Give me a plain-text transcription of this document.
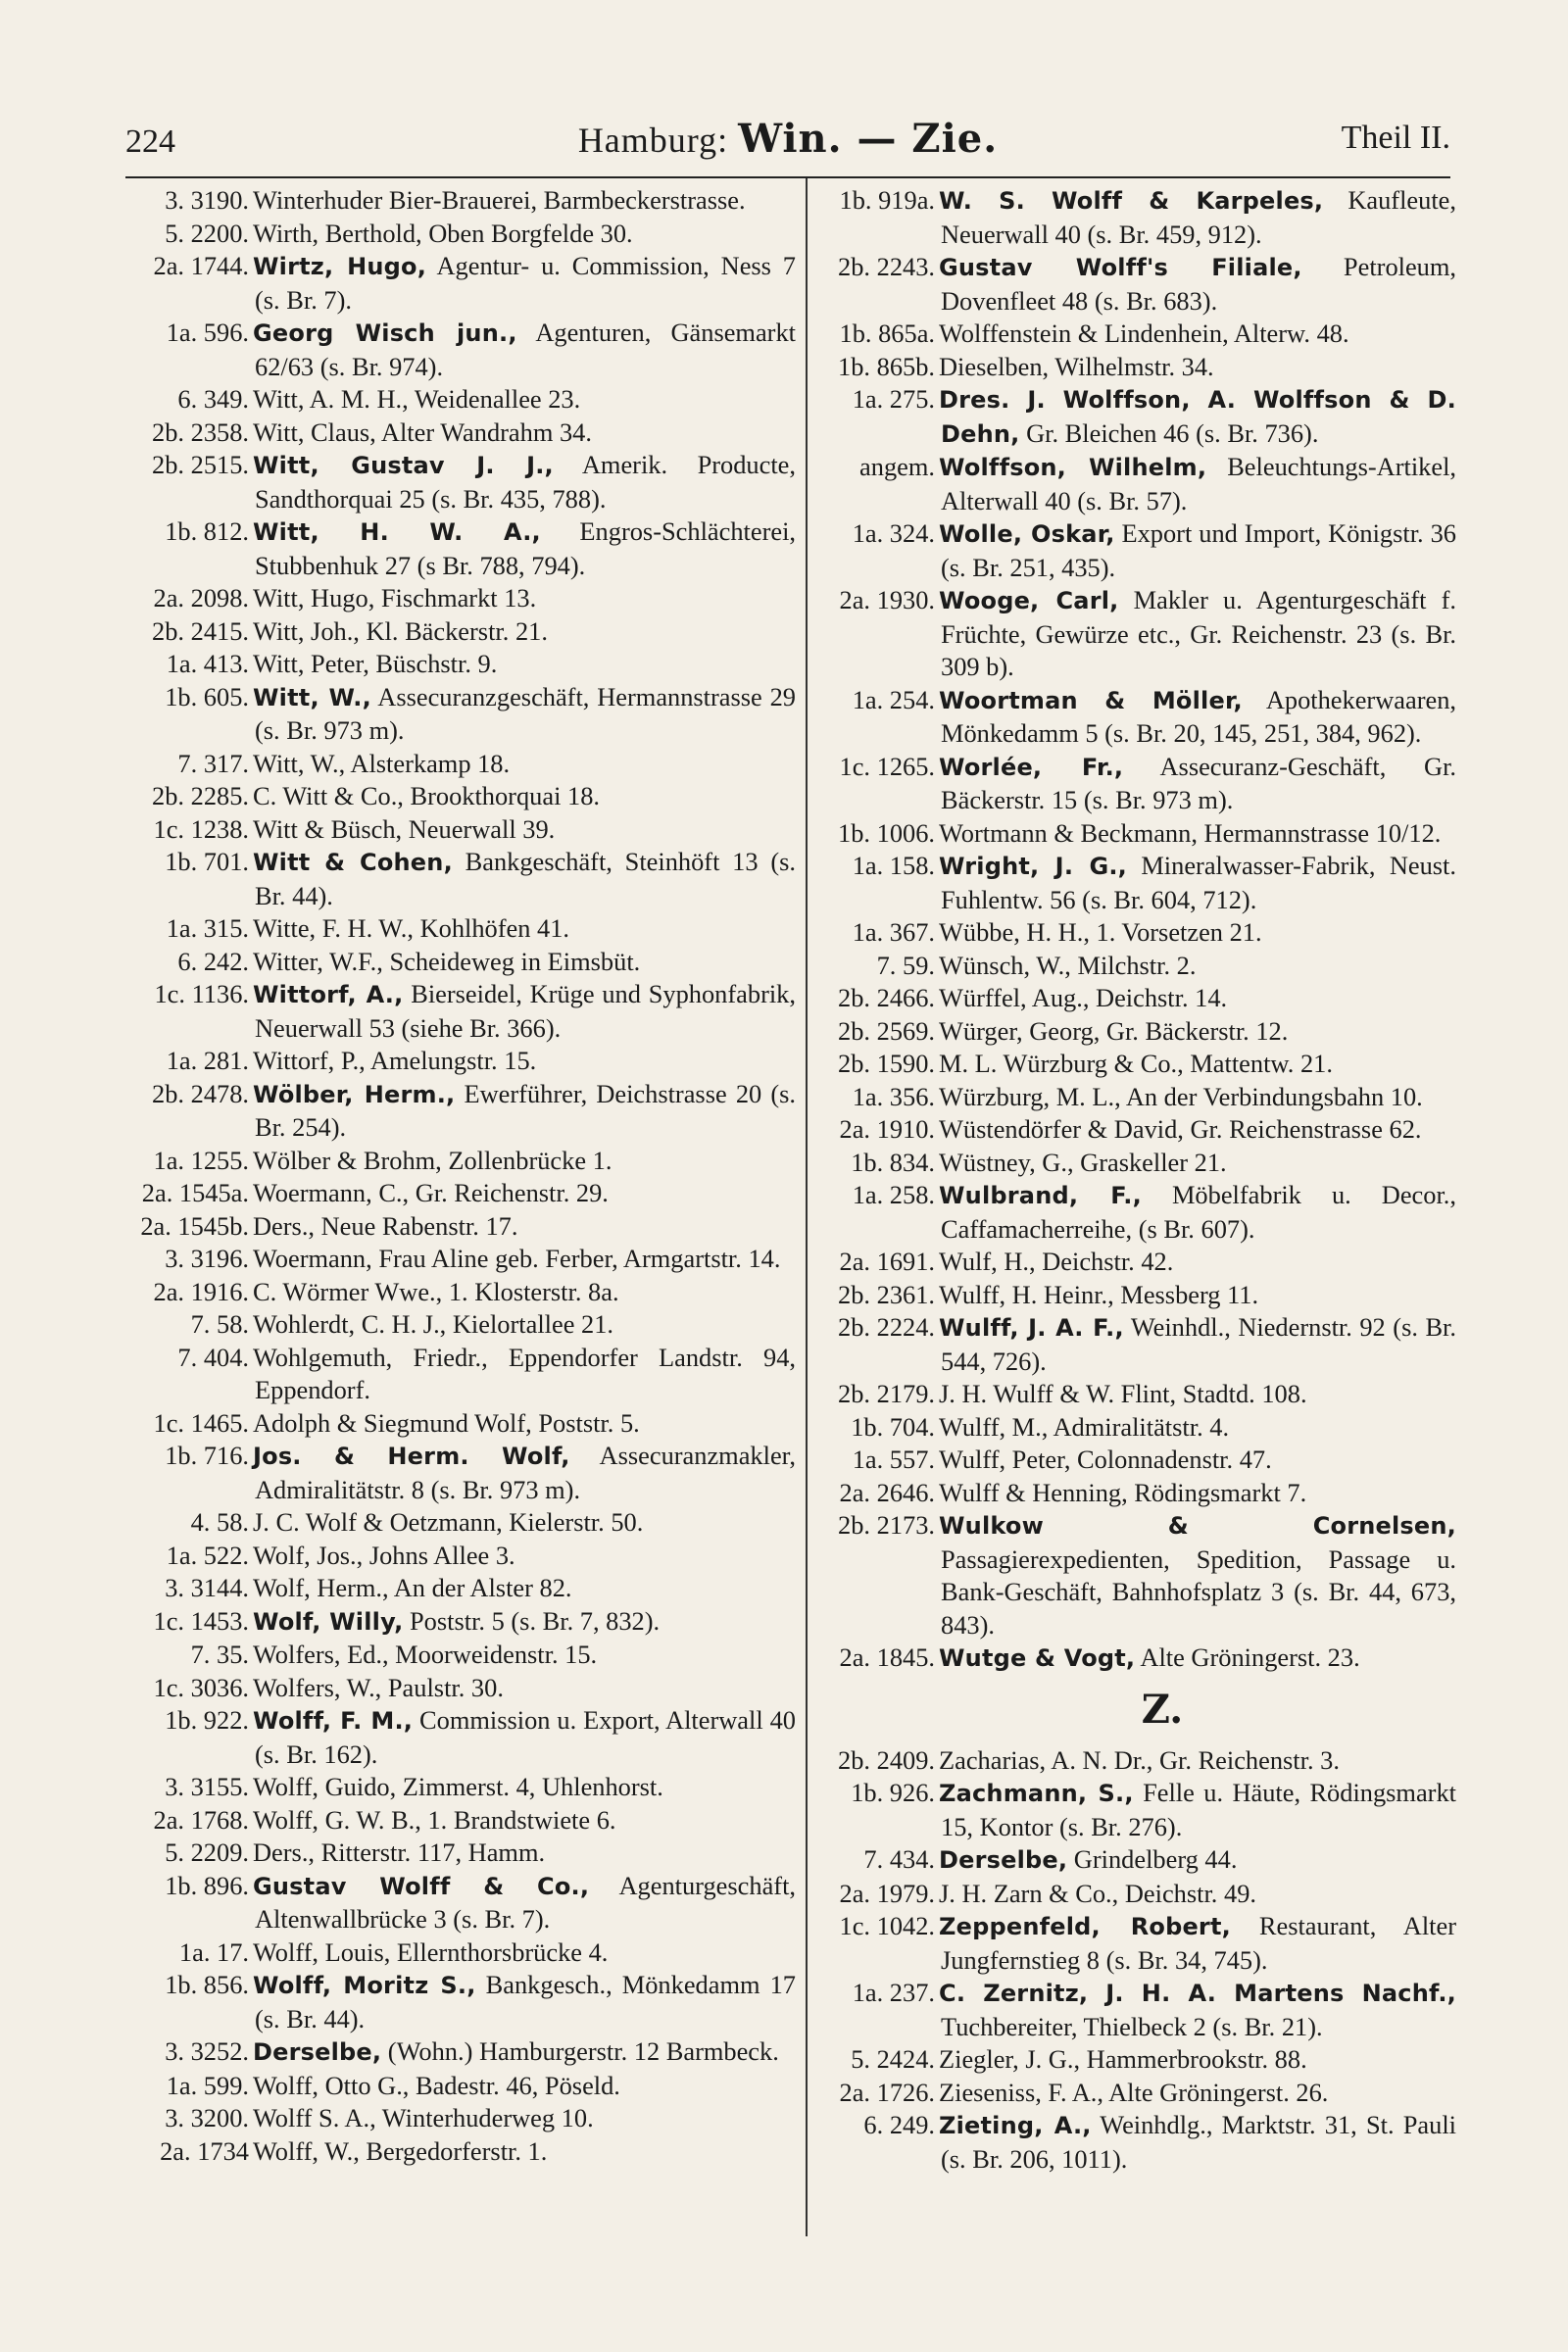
224	Hamburg: Win. — Zie.	Theil II.

3. 3190. Winterhuder Bier-Brauerei, Barmbeckerstrasse.

5. 2200. Wirth, Berthold, Oben Borgfelde 30.

2a. 1744. Wirtz, Hugo, Agentur- u. Commission, Ness 7 (s. Br. 7).

1a. 596. Georg Wisch jun., Agenturen, Gänsemarkt 62/63 (s. Br. 974).

6. 349. Witt, A. M. H., Weidenallee 23.

2b. 2358. Witt, Claus, Alter Wandrahm 34.

2b. 2515. Witt, Gustav J. J., Amerik. Producte, Sandthorquai 25 (s. Br. 435, 788).

1b. 812. Witt, H. W. A., Engros-Schlächterei, Stubbenhuk 27 (s Br. 788, 794).

2a. 2098. Witt, Hugo, Fischmarkt 13.

2b. 2415. Witt, Joh., Kl. Bäckerstr. 21.

1a. 413. Witt, Peter, Büschstr. 9.

1b. 605. Witt, W., Assecuranzgeschäft, Hermannstrasse 29 (s. Br. 973 m).

7. 317. Witt, W., Alsterkamp 18.

2b. 2285. C. Witt & Co., Brookthorquai 18.

1c. 1238. Witt & Büsch, Neuerwall 39.

1b. 701. Witt & Cohen, Bankgeschäft, Steinhöft 13 (s. Br. 44).

1a. 315. Witte, F. H. W., Kohlhöfen 41.

6. 242. Witter, W.F., Scheideweg in Eimsbüt.

1c. 1136. Wittorf, A., Bierseidel, Krüge und Syphonfabrik, Neuerwall 53 (siehe Br. 366).

1a. 281. Wittorf, P., Amelungstr. 15.

2b. 2478. Wölber, Herm., Ewerführer, Deichstrasse 20 (s. Br. 254).

1a. 1255. Wölber & Brohm, Zollenbrücke 1.

2a. 1545a. Woermann, C., Gr. Reichenstr. 29.

2a. 1545b. Ders., Neue Rabenstr. 17.

3. 3196. Woermann, Frau Aline geb. Ferber, Armgartstr. 14.

2a. 1916. C. Wörmer Wwe., 1. Klosterstr. 8a.

7. 58. Wohlerdt, C. H. J., Kielortallee 21.

7. 404. Wohlgemuth, Friedr., Eppendorfer Landstr. 94, Eppendorf.

1c. 1465. Adolph & Siegmund Wolf, Poststr. 5.

1b. 716. Jos. & Herm. Wolf, Assecuranzmakler, Admiralitätstr. 8 (s. Br. 973 m).

4. 58. J. C. Wolf & Oetzmann, Kielerstr. 50.

1a. 522. Wolf, Jos., Johns Allee 3.

3. 3144. Wolf, Herm., An der Alster 82.

1c. 1453. Wolf, Willy, Poststr. 5 (s. Br. 7, 832).

7. 35. Wolfers, Ed., Moorweidenstr. 15.

1c. 3036. Wolfers, W., Paulstr. 30.

1b. 922. Wolff, F. M., Commission u. Export, Alterwall 40 (s. Br. 162).

3. 3155. Wolff, Guido, Zimmerst. 4, Uhlenhorst.

2a. 1768. Wolff, G. W. B., 1. Brandstwiete 6.

5. 2209. Ders., Ritterstr. 117, Hamm.

1b. 896. Gustav Wolff & Co., Agenturgeschäft, Altenwallbrücke 3 (s. Br. 7).

1a. 17. Wolff, Louis, Ellernthorsbrücke 4.

1b. 856. Wolff, Moritz S., Bankgesch., Mönkedamm 17 (s. Br. 44).

3. 3252. Derselbe, (Wohn.) Hamburgerstr. 12 Barmbeck.

1a. 599. Wolff, Otto G., Badestr. 46, Pöseld.

3. 3200. Wolff S. A., Winterhuderweg 10.

2a. 1734 Wolff, W., Bergedorferstr. 1.

1b. 919a. W. S. Wolff & Karpeles, Kaufleute, Neuerwall 40 (s. Br. 459, 912).

2b. 2243. Gustav Wolff's Filiale, Petroleum, Dovenfleet 48 (s. Br. 683).

1b. 865a. Wolffenstein & Lindenhein, Alterw. 48.

1b. 865b. Dieselben, Wilhelmstr. 34.

1a. 275. Dres. J. Wolffson, A. Wolffson & D. Dehn, Gr. Bleichen 46 (s. Br. 736).

angem. Wolffson, Wilhelm, Beleuchtungs-Artikel, Alterwall 40 (s. Br. 57).

1a. 324. Wolle, Oskar, Export und Import, Königstr. 36 (s. Br. 251, 435).

2a. 1930. Wooge, Carl, Makler u. Agenturgeschäft f. Früchte, Gewürze etc., Gr. Reichenstr. 23 (s. Br. 309 b).

1a. 254. Woortman & Möller, Apothekerwaaren, Mönkedamm 5 (s. Br. 20, 145, 251, 384, 962).

1c. 1265. Worlée, Fr., Assecuranz-Geschäft, Gr. Bäckerstr. 15 (s. Br. 973 m).

1b. 1006. Wortmann & Beckmann, Hermannstrasse 10/12.

1a. 158. Wright, J. G., Mineralwasser-Fabrik, Neust. Fuhlentw. 56 (s. Br. 604, 712).

1a. 367. Wübbe, H. H., 1. Vorsetzen 21.

7. 59. Wünsch, W., Milchstr. 2.

2b. 2466. Würffel, Aug., Deichstr. 14.

2b. 2569. Würger, Georg, Gr. Bäckerstr. 12.

2b. 1590. M. L. Würzburg & Co., Mattentw. 21.

1a. 356. Würzburg, M. L., An der Verbindungsbahn 10.

2a. 1910. Wüstendörfer & David, Gr. Reichenstrasse 62.

1b. 834. Wüstney, G., Graskeller 21.

1a. 258. Wulbrand, F., Möbelfabrik u. Decor., Caffamacherreihe, (s Br. 607).

2a. 1691. Wulf, H., Deichstr. 42.

2b. 2361. Wulff, H. Heinr., Messberg 11.

2b. 2224. Wulff, J. A. F., Weinhdl., Niedernstr. 92 (s. Br. 544, 726).

2b. 2179. J. H. Wulff & W. Flint, Stadtd. 108.

1b. 704. Wulff, M., Admiralitätstr. 4.

1a. 557. Wulff, Peter, Colonnadenstr. 47.

2a. 2646. Wulff & Henning, Rödingsmarkt 7.

2b. 2173. Wulkow & Cornelsen, Passagierexpedienten, Spedition, Passage u. Bank-Geschäft, Bahnhofsplatz 3 (s. Br. 44, 673, 843).

2a. 1845. Wutge & Vogt, Alte Gröningerst. 23.

Z.

2b. 2409. Zacharias, A. N. Dr., Gr. Reichenstr. 3.

1b. 926. Zachmann, S., Felle u. Häute, Rödingsmarkt 15, Kontor (s. Br. 276).

7. 434. Derselbe, Grindelberg 44.

2a. 1979. J. H. Zarn & Co., Deichstr. 49.

1c. 1042. Zeppenfeld, Robert, Restaurant, Alter Jungfernstieg 8 (s. Br. 34, 745).

1a. 237. C. Zernitz, J. H. A. Martens Nachf., Tuchbereiter, Thielbeck 2 (s. Br. 21).

5. 2424. Ziegler, J. G., Hammerbrookstr. 88.

2a. 1726. Zieseniss, F. A., Alte Gröningerst. 26.

6. 249. Zieting, A., Weinhdlg., Marktstr. 31, St. Pauli (s. Br. 206, 1011).
